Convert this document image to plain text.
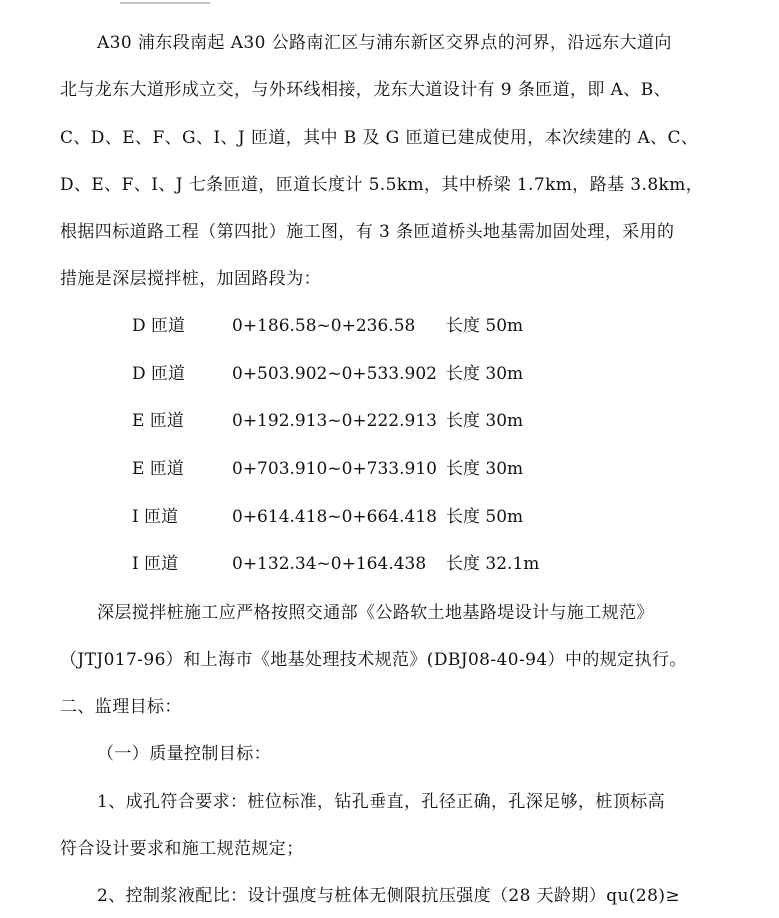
A30 浦东段南起 A30 公路南汇区与浦东新区交界点的河界，沿远东大道向
北与龙东大道形成立交，与外环线相接，龙东大道设计有 9 条匝道，即 A、B、
C、D、E、F、G、I、J 匝道，其中 B 及 G 匝道已建成使用，本次续建的 A、C、
D、E、F、I、J 七条匝道，匝道长度计 5.5km，其中桥梁 1.7km，路基 3.8km，
根据四标道路工程（第四批）施工图，有 3 条匝道桥头地基需加固处理，采用的
措施是深层搅拌桩，加固路段为：
D 匝道	0+186.58~0+236.58 长度 50m
D 匝道	0+503.902~0+533.902 长度 30m
E 匝道	0+192.913~0+222.913 长度 30m
E 匝道	0+703.910~0+733.910 长度 30m
I 匝道	0+614.418~0+664.418 长度 50m
I 匝道	0+132.34~0+164.438 长度 32.1m
深层搅拌桩施工应严格按照交通部《公路软土地基路堤设计与施工规范》
（JTJ017-96）和上海市《地基处理技术规范》(DBJ08-40-94）中的规定执行。
二、监理目标：
（一）质量控制目标：
1、成孔符合要求：桩位标准，钻孔垂直，孔径正确，孔深足够，桩顶标高
符合设计要求和施工规范规定；
2、控制浆液配比：设计强度与桩体无侧限抗压强度（28 天龄期）qu(28)≥
